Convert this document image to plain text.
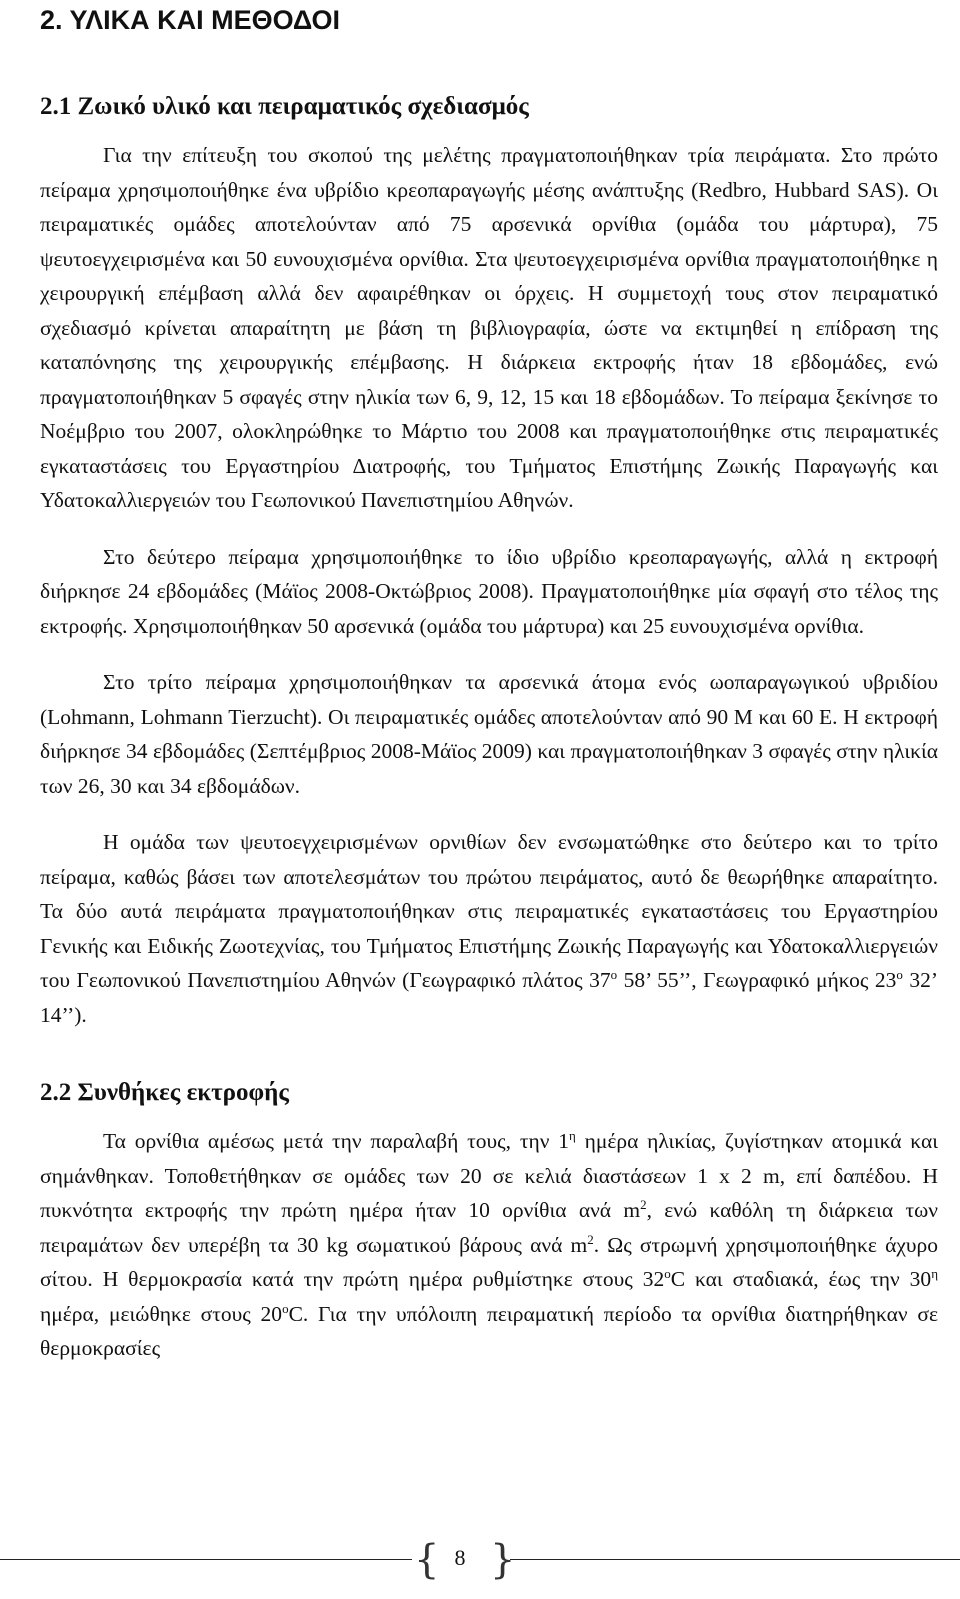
2. ΥΛΙΚΑ ΚΑΙ ΜΕΘΟΔΟΙ
2.1 Ζωικό υλικό και πειραματικός σχεδιασμός

Για την επίτευξη του σκοπού της μελέτης πραγματοποιήθηκαν τρία πειράματα. Στο πρώτο πείραμα χρησιμοποιήθηκε ένα υβρίδιο κρεοπαραγωγής μέσης ανάπτυξης (Redbro, Hubbard SAS). Οι πειραματικές ομάδες αποτελούνταν από 75 αρσενικά ορνίθια (ομάδα του μάρτυρα), 75 ψευτοεγχειρισμένα και 50 ευνουχισμένα ορνίθια. Στα ψευτοεγχειρισμένα ορνίθια πραγματοποιήθηκε η χειρουργική επέμβαση αλλά δεν αφαιρέθηκαν οι όρχεις. Η συμμετοχή τους στον πειραματικό σχεδιασμό κρίνεται απαραίτητη με βάση τη βιβλιογραφία, ώστε να εκτιμηθεί η επίδραση της καταπόνησης της χειρουργικής επέμβασης. Η διάρκεια εκτροφής ήταν 18 εβδομάδες, ενώ πραγματοποιήθηκαν 5 σφαγές στην ηλικία των 6, 9, 12, 15 και 18 εβδομάδων. Το πείραμα ξεκίνησε το Νοέμβριο του 2007, ολοκληρώθηκε το Μάρτιο του 2008 και πραγματοποιήθηκε στις πειραματικές εγκαταστάσεις του Εργαστηρίου Διατροφής, του Τμήματος Επιστήμης Ζωικής Παραγωγής και Υδατοκαλλιεργειών του Γεωπονικού Πανεπιστημίου Αθηνών.

Στο δεύτερο πείραμα χρησιμοποιήθηκε το ίδιο υβρίδιο κρεοπαραγωγής, αλλά η εκτροφή διήρκησε 24 εβδομάδες (Μάϊος 2008-Οκτώβριος 2008). Πραγματοποιήθηκε μία σφαγή στο τέλος της εκτροφής. Χρησιμοποιήθηκαν 50 αρσενικά (ομάδα του μάρτυρα) και 25 ευνουχισμένα ορνίθια.

Στο τρίτο πείραμα χρησιμοποιήθηκαν τα αρσενικά άτομα ενός ωοπαραγωγικού υβριδίου (Lohmann, Lohmann Tierzucht). Οι πειραματικές ομάδες αποτελούνταν από 90 Μ και 60 Ε. Η εκτροφή διήρκησε 34 εβδομάδες (Σεπτέμβριος 2008-Μάϊος 2009) και πραγματοποιήθηκαν 3 σφαγές στην ηλικία των 26, 30 και 34 εβδομάδων.

Η ομάδα των ψευτοεγχειρισμένων ορνιθίων δεν ενσωματώθηκε στο δεύτερο και το τρίτο πείραμα, καθώς βάσει των αποτελεσμάτων του πρώτου πειράματος, αυτό δε θεωρήθηκε απαραίτητο. Τα δύο αυτά πειράματα πραγματοποιήθηκαν στις πειραματικές εγκαταστάσεις του Εργαστηρίου Γενικής και Ειδικής Ζωοτεχνίας, του Τμήματος Επιστήμης Ζωικής Παραγωγής και Υδατοκαλλιεργειών του Γεωπονικού Πανεπιστημίου Αθηνών (Γεωγραφικό πλάτος $37^o$ 58’ 55’’, Γεωγραφικό μήκος $23^o$ 32’ 14’’).

2.2 Συνθήκες εκτροφής

Τα ορνίθια αμέσως μετά την παραλαβή τους, την $1^\eta$ ημέρα ηλικίας, ζυγίστηκαν ατομικά και σημάνθηκαν. Τοποθετήθηκαν σε ομάδες των 20 σε κελιά διαστάσεων 1 x 2 m, επί δαπέδου. Η πυκνότητα εκτροφής την πρώτη ημέρα ήταν 10 ορνίθια ανά $m^2$, ενώ καθόλη τη διάρκεια των πειραμάτων δεν υπερέβη τα 30 kg σωματικού βάρους ανά $m^2$. Ως στρωμνή χρησιμοποιήθηκε άχυρο σίτου. Η θερμοκρασία κατά την πρώτη ημέρα ρυθμίστηκε στους 32$^o$C και σταδιακά, έως την $30^\eta$ ημέρα, μειώθηκε στους 20$^o$C. Για την υπόλοιπη πειραματική περίοδο τα ορνίθια διατηρήθηκαν σε θερμοκρασίες

{ 8 }
